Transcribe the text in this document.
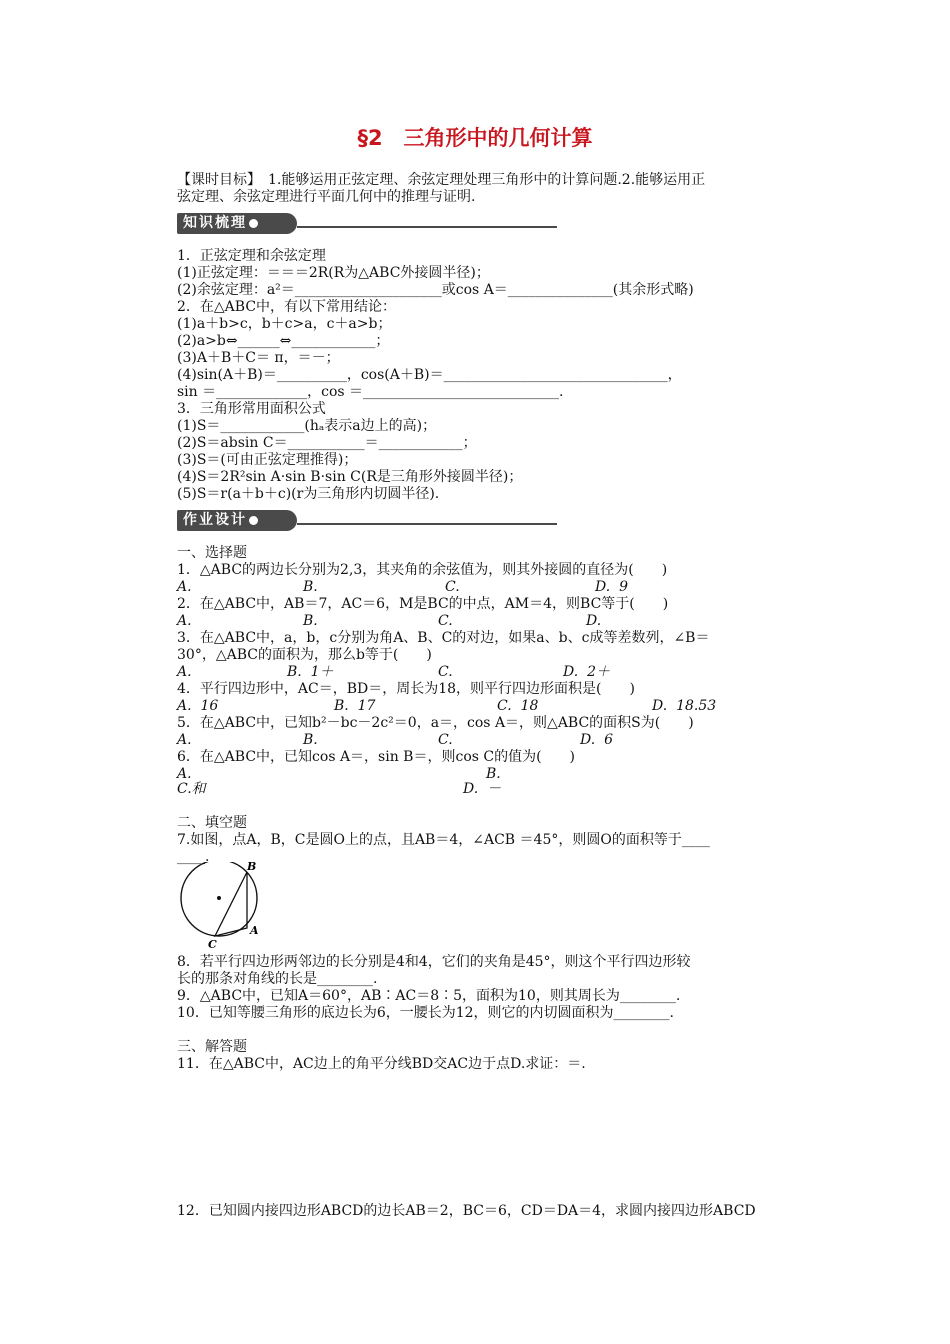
§2　三角形中的几何计算
【课时目标】　1.能够运用正弦定理、余弦定理处理三角形中的计算问题.2.能够运用正
弦定理、余弦定理进行平面几何中的推理与证明.
知识梳理
1．正弦定理和余弦定理
(1)正弦定理：＝＝＝2R(R为△ABC外接圆半径)；
(2)余弦定理：a²＝_____________________或cos A＝_______________(其余形式略)
2．在△ABC中，有以下常用结论：
(1)a＋b>c，b＋c>a，c＋a>b；
(2)a>b⇔______⇔____________；
(3)A＋B＋C＝ π，＝－；
(4)sin(A＋B)＝__________，cos(A＋B)＝________________________________，
sin ＝_____________，cos ＝____________________________.
3．三角形常用面积公式
(1)S＝____________(hₐ表示a边上的高)；
(2)S＝absin C＝___________＝____________；
(3)S＝(可由正弦定理推得)；
(4)S＝2R²sin A·sin B·sin C(R是三角形外接圆半径)；
(5)S＝r(a＋b＋c)(r为三角形内切圆半径).
作业设计
一、选择题
1．△ABC的两边长分别为2,3，其夹角的余弦值为，则其外接圆的直径为(　　)
A.	B.	C.	D.  9
2．在△ABC中，AB＝7，AC＝6，M是BC的中点，AM＝4，则BC等于(　　)
A.	B.	C.	D.
3．在△ABC中，a，b，c分别为角A、B、C的对边，如果a、b、c成等差数列，∠B＝
30°，△ABC的面积为，那么b等于(　　)
A.	B.  1＋	C.	D.  2＋
4．平行四边形中，AC＝，BD＝，周长为18，则平行四边形面积是(　　)
A.  16	B.  17	C.  18	D.  18.53
5．在△ABC中，已知b²－bc－2c²＝0，a＝，cos A＝，则△ABC的面积S为(　　)
A.	B.	C.	D.  6
6．在△ABC中，已知cos A＝，sin B＝，则cos C的值为(　　)
A.	B.
C.和	D.  －
二、填空题
7.如图，点A，B，C是圆O上的点，且AB＝4，∠ACB ＝45°，则圆O的面积等于____
____.
B
A
C
8．若平行四边形两邻边的长分别是4和4，它们的夹角是45°，则这个平行四边形较
长的那条对角线的长是________.
9．△ABC中，已知A＝60°，AB∶AC＝8∶5，面积为10，则其周长为________.
10．已知等腰三角形的底边长为6，一腰长为12，则它的内切圆面积为________.
三、解答题
11．在△ABC中，AC边上的角平分线BD交AC边于点D.求证：＝.
12．已知圆内接四边形ABCD的边长AB＝2，BC＝6，CD＝DA＝4，求圆内接四边形ABCD
